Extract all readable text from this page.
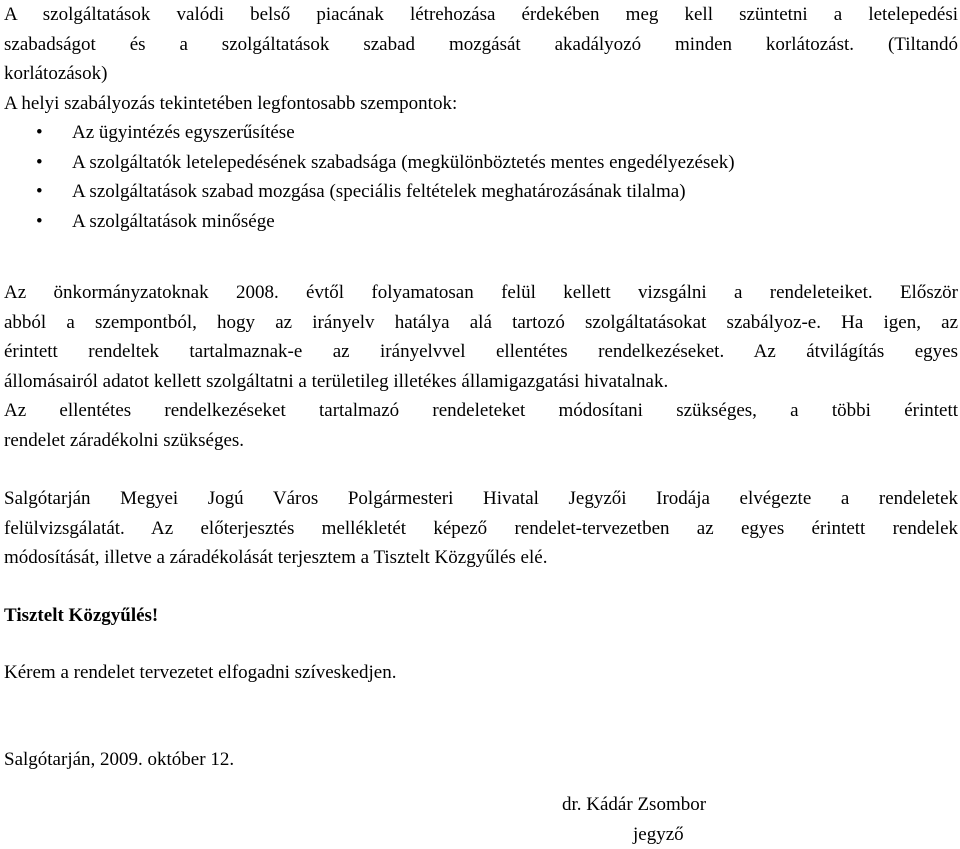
A szolgáltatások valódi belső piacának létrehozása érdekében meg kell szüntetni a letelepedési

szabadságot és a szolgáltatások szabad mozgását akadályozó minden korlátozást. (Tiltandó

korlátozások)

A helyi szabályozás tekintetében legfontosabb szempontok:

• Az ügyintézés egyszerűsítése
• A szolgáltatók letelepedésének szabadsága (megkülönböztetés mentes engedélyezések)
• A szolgáltatások szabad mozgása (speciális feltételek meghatározásának tilalma)
• A szolgáltatások minősége

Az önkormányzatoknak 2008. évtől folyamatosan felül kellett vizsgálni a rendeleteiket. Először

abból a szempontból, hogy az irányelv hatálya alá tartozó szolgáltatásokat szabályoz-e. Ha igen, az

érintett rendeltek tartalmaznak-e az irányelvvel ellentétes rendelkezéseket. Az átvilágítás egyes

állomásairól adatot kellett szolgáltatni a területileg illetékes államigazgatási hivatalnak.

Az ellentétes rendelkezéseket tartalmazó rendeleteket módosítani szükséges, a többi érintett

rendelet záradékolni szükséges.

Salgótarján Megyei Jogú Város Polgármesteri Hivatal Jegyzői Irodája elvégezte a rendeletek

felülvizsgálatát. Az előterjesztés mellékletét képező rendelet-tervezetben az egyes érintett rendelek

módosítását, illetve a záradékolását terjesztem a Tisztelt Közgyűlés elé.

Tisztelt Közgyűlés!

Kérem a rendelet tervezetet elfogadni szíveskedjen.

Salgótarján, 2009. október 12.

dr. Kádár Zsombor

jegyző
